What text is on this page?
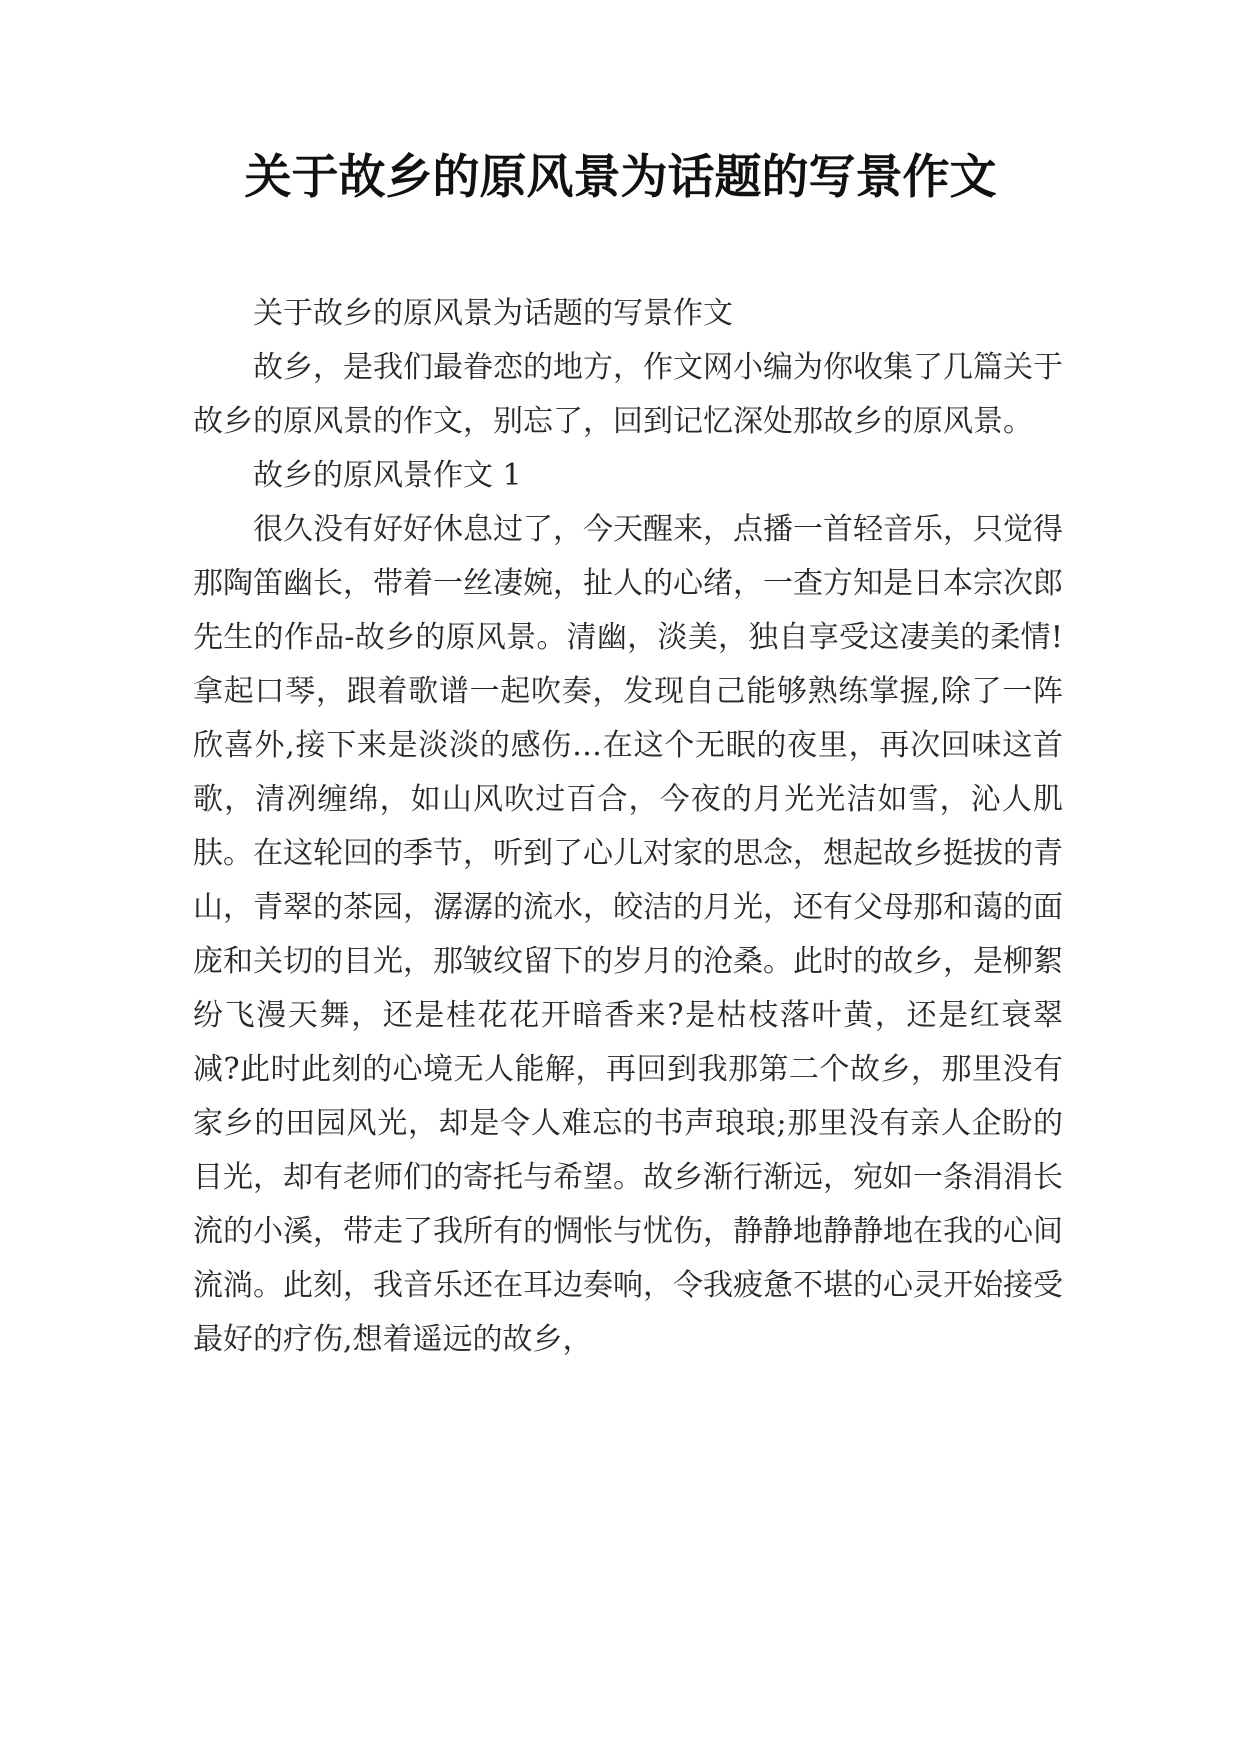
关于故乡的原风景为话题的写景作文

关于故乡的原风景为话题的写景作文

故乡，是我们最眷恋的地方，作文网小编为你收集了几篇关于故乡的原风景的作文，别忘了，回到记忆深处那故乡的原风景。

故乡的原风景作文 1

很久没有好好休息过了，今天醒来，点播一首轻音乐，只觉得那陶笛幽长，带着一丝凄婉，扯人的心绪，一查方知是日本宗次郎先生的作品-故乡的原风景。清幽，淡美，独自享受这凄美的柔情!拿起口琴，跟着歌谱一起吹奏，发现自己能够熟练掌握,除了一阵欣喜外,接下来是淡淡的感伤…在这个无眠的夜里，再次回味这首歌，清冽缠绵，如山风吹过百合，今夜的月光光洁如雪，沁人肌肤。在这轮回的季节，听到了心儿对家的思念，想起故乡挺拔的青山，青翠的茶园，潺潺的流水，皎洁的月光，还有父母那和蔼的面庞和关切的目光，那皱纹留下的岁月的沧桑。此时的故乡，是柳絮纷飞漫天舞，还是桂花花开暗香来?是枯枝落叶黄，还是红衰翠减?此时此刻的心境无人能解，再回到我那第二个故乡，那里没有家乡的田园风光，却是令人难忘的书声琅琅;那里没有亲人企盼的目光，却有老师们的寄托与希望。故乡渐行渐远，宛如一条涓涓长流的小溪，带走了我所有的惆怅与忧伤，静静地静静地在我的心间流淌。此刻，我音乐还在耳边奏响，令我疲惫不堪的心灵开始接受最好的疗伤,想着遥远的故乡，
